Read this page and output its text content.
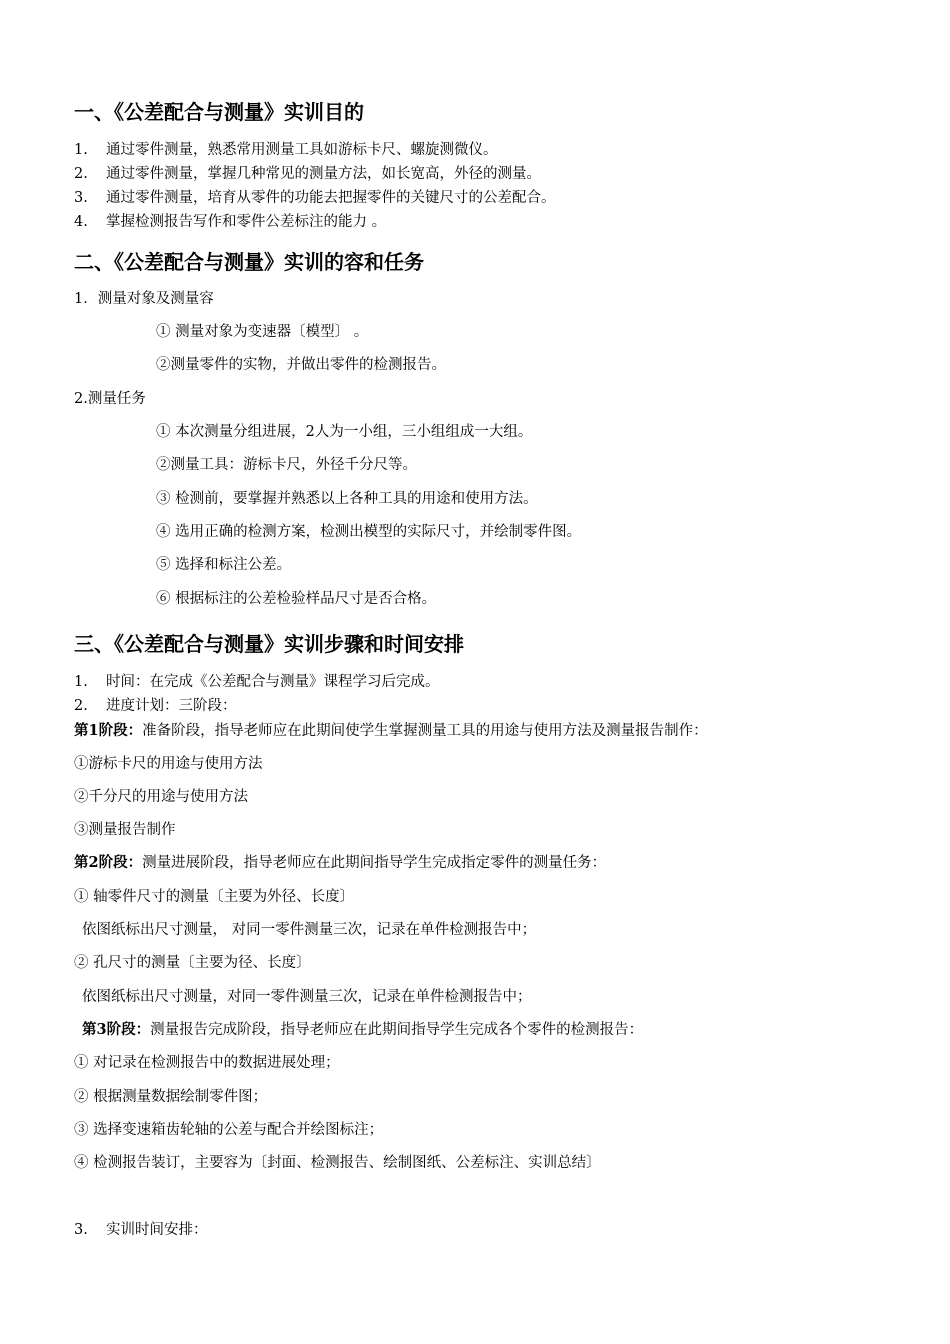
一、《公差配合与测量》实训目的
1. 通过零件测量，熟悉常用测量工具如游标卡尺、螺旋测微仪。
2. 通过零件测量，掌握几种常见的测量方法，如长宽高，外径的测量。
3. 通过零件测量，培育从零件的功能去把握零件的关键尺寸的公差配合。
4. 掌握检测报告写作和零件公差标注的能力 。
二、《公差配合与测量》实训的容和任务
1．测量对象及测量容
① 测量对象为变速器〔模型〕 。
②测量零件的实物，并做出零件的检测报告。
2.测量任务
① 本次测量分组进展，2人为一小组，三小组组成一大组。
②测量工具：游标卡尺，外径千分尺等。
③ 检测前，要掌握并熟悉以上各种工具的用途和使用方法。
④ 选用正确的检测方案，检测出模型的实际尺寸，并绘制零件图。
⑤ 选择和标注公差。
⑥ 根据标注的公差检验样品尺寸是否合格。
三、《公差配合与测量》实训步骤和时间安排
1. 时间：在完成《公差配合与测量》课程学习后完成。
2. 进度计划：三阶段：
第1阶段：准备阶段，指导老师应在此期间使学生掌握测量工具的用途与使用方法及测量报告制作：
①游标卡尺的用途与使用方法
②千分尺的用途与使用方法
③测量报告制作
第2阶段：测量进展阶段，指导老师应在此期间指导学生完成指定零件的测量任务：
① 轴零件尺寸的测量〔主要为外径、长度〕
依图纸标出尺寸测量， 对同一零件测量三次，记录在单件检测报告中；
② 孔尺寸的测量〔主要为径、长度〕
依图纸标出尺寸测量，对同一零件测量三次，记录在单件检测报告中；
第3阶段：测量报告完成阶段，指导老师应在此期间指导学生完成各个零件的检测报告：
① 对记录在检测报告中的数据进展处理；
② 根据测量数据绘制零件图；
③ 选择变速箱齿轮轴的公差与配合并绘图标注；
④ 检测报告装订，主要容为〔封面、检测报告、绘制图纸、公差标注、实训总结〕
3. 实训时间安排：
